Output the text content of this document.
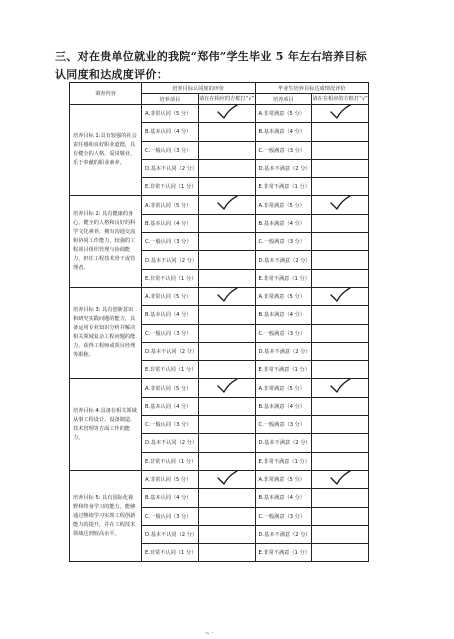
三、对在贵单位就业的我院“郑伟”学生毕业 5 年左右培养目标
认同度和达成度评价：
调查内容	培养目标认同度的评价		毕业生培养目标达成情况评价	
	培养项目	请在在相应的方框打“√”	培养项目	请在在相应的方框打“√”
培养目标 1:具有较强的社会责任感和良好职业道德，具有健全的人格，爱岗敬业、乐于奉献的职业素养。	A.非常认同（5 分）		A.非常满意（5 分）	

	B.基本认同（4 分）		B.基本满意（4 分）	
	C.一般认同（3 分）		C.一般满意（3 分）	
	D.基本不认同（2 分）		D.基本不满意（2 分）	
	E.非常不认同（1 分）		E.非常不满意（1 分）	
培养目标 2: 具有健康的身心、健全的人格和良好的科学文化素养，拥有沟通交流和协同工作能力，较强的工程项目组织管理与协调能力，担任工程技术骨干或管理者。	A.非常认同（5 分）		A.非常满意（5 分）	

	B.基本认同（4 分）		B.基本满意（4 分）	
	C.一般认同（3 分）		C.一般满意（3 分）	
	D.基本不认同（2 分）		D.基本不满意（2 分）	
	E.非常不认同（1 分）		E.非常不满意（1 分）	
培养目标 3: 具有创新意识和研究实践问题的能力，具备运用专业知识分析并解决相关领域复杂工程问题的能力，获得工程师或项目经理等职称。	A.非常认同（5 分）		A.非常满意（5 分）	

	B.基本认同（4 分）		B.基本满意（4 分）	
	C.一般认同（3 分）		C.一般满意（3 分）	
	D.基本不认同（2 分）		D.基本不满意（2 分）	
	E.非常不认同（1 分）		E.非常不满意（1 分）	
培养目标 4:具备在相关领域从事工程设计、设备制造、技术管理等方面工作的能力。	A.非常认同（5 分）		A.非常满意（5 分）	

	B.基本认同（4 分）		B.基本满意（4 分）	
	C.一般认同（3 分）		C.一般满意（3 分）	
	D.基本不认同（2 分）		D.基本不满意（2 分）	
	E.非常不认同（1 分）		E.非常不满意（1 分）	
培养目标 5: 具有国际化视野和终身学习的能力，能够通过继续学习实现工程创新能力的提升，并在工程技术领域达到较高水平。	A.非常认同（5 分）		A.非常满意（5 分）	

	B.基本认同（4 分）		B.基本满意（4 分）	
	C.一般认同（3 分）		C.一般满意（3 分）	
	D.基本不认同（2 分）		D.基本不满意（2 分）	
	E.非常不认同（1 分）		E.非常不满意（1 分）	
~ ·
